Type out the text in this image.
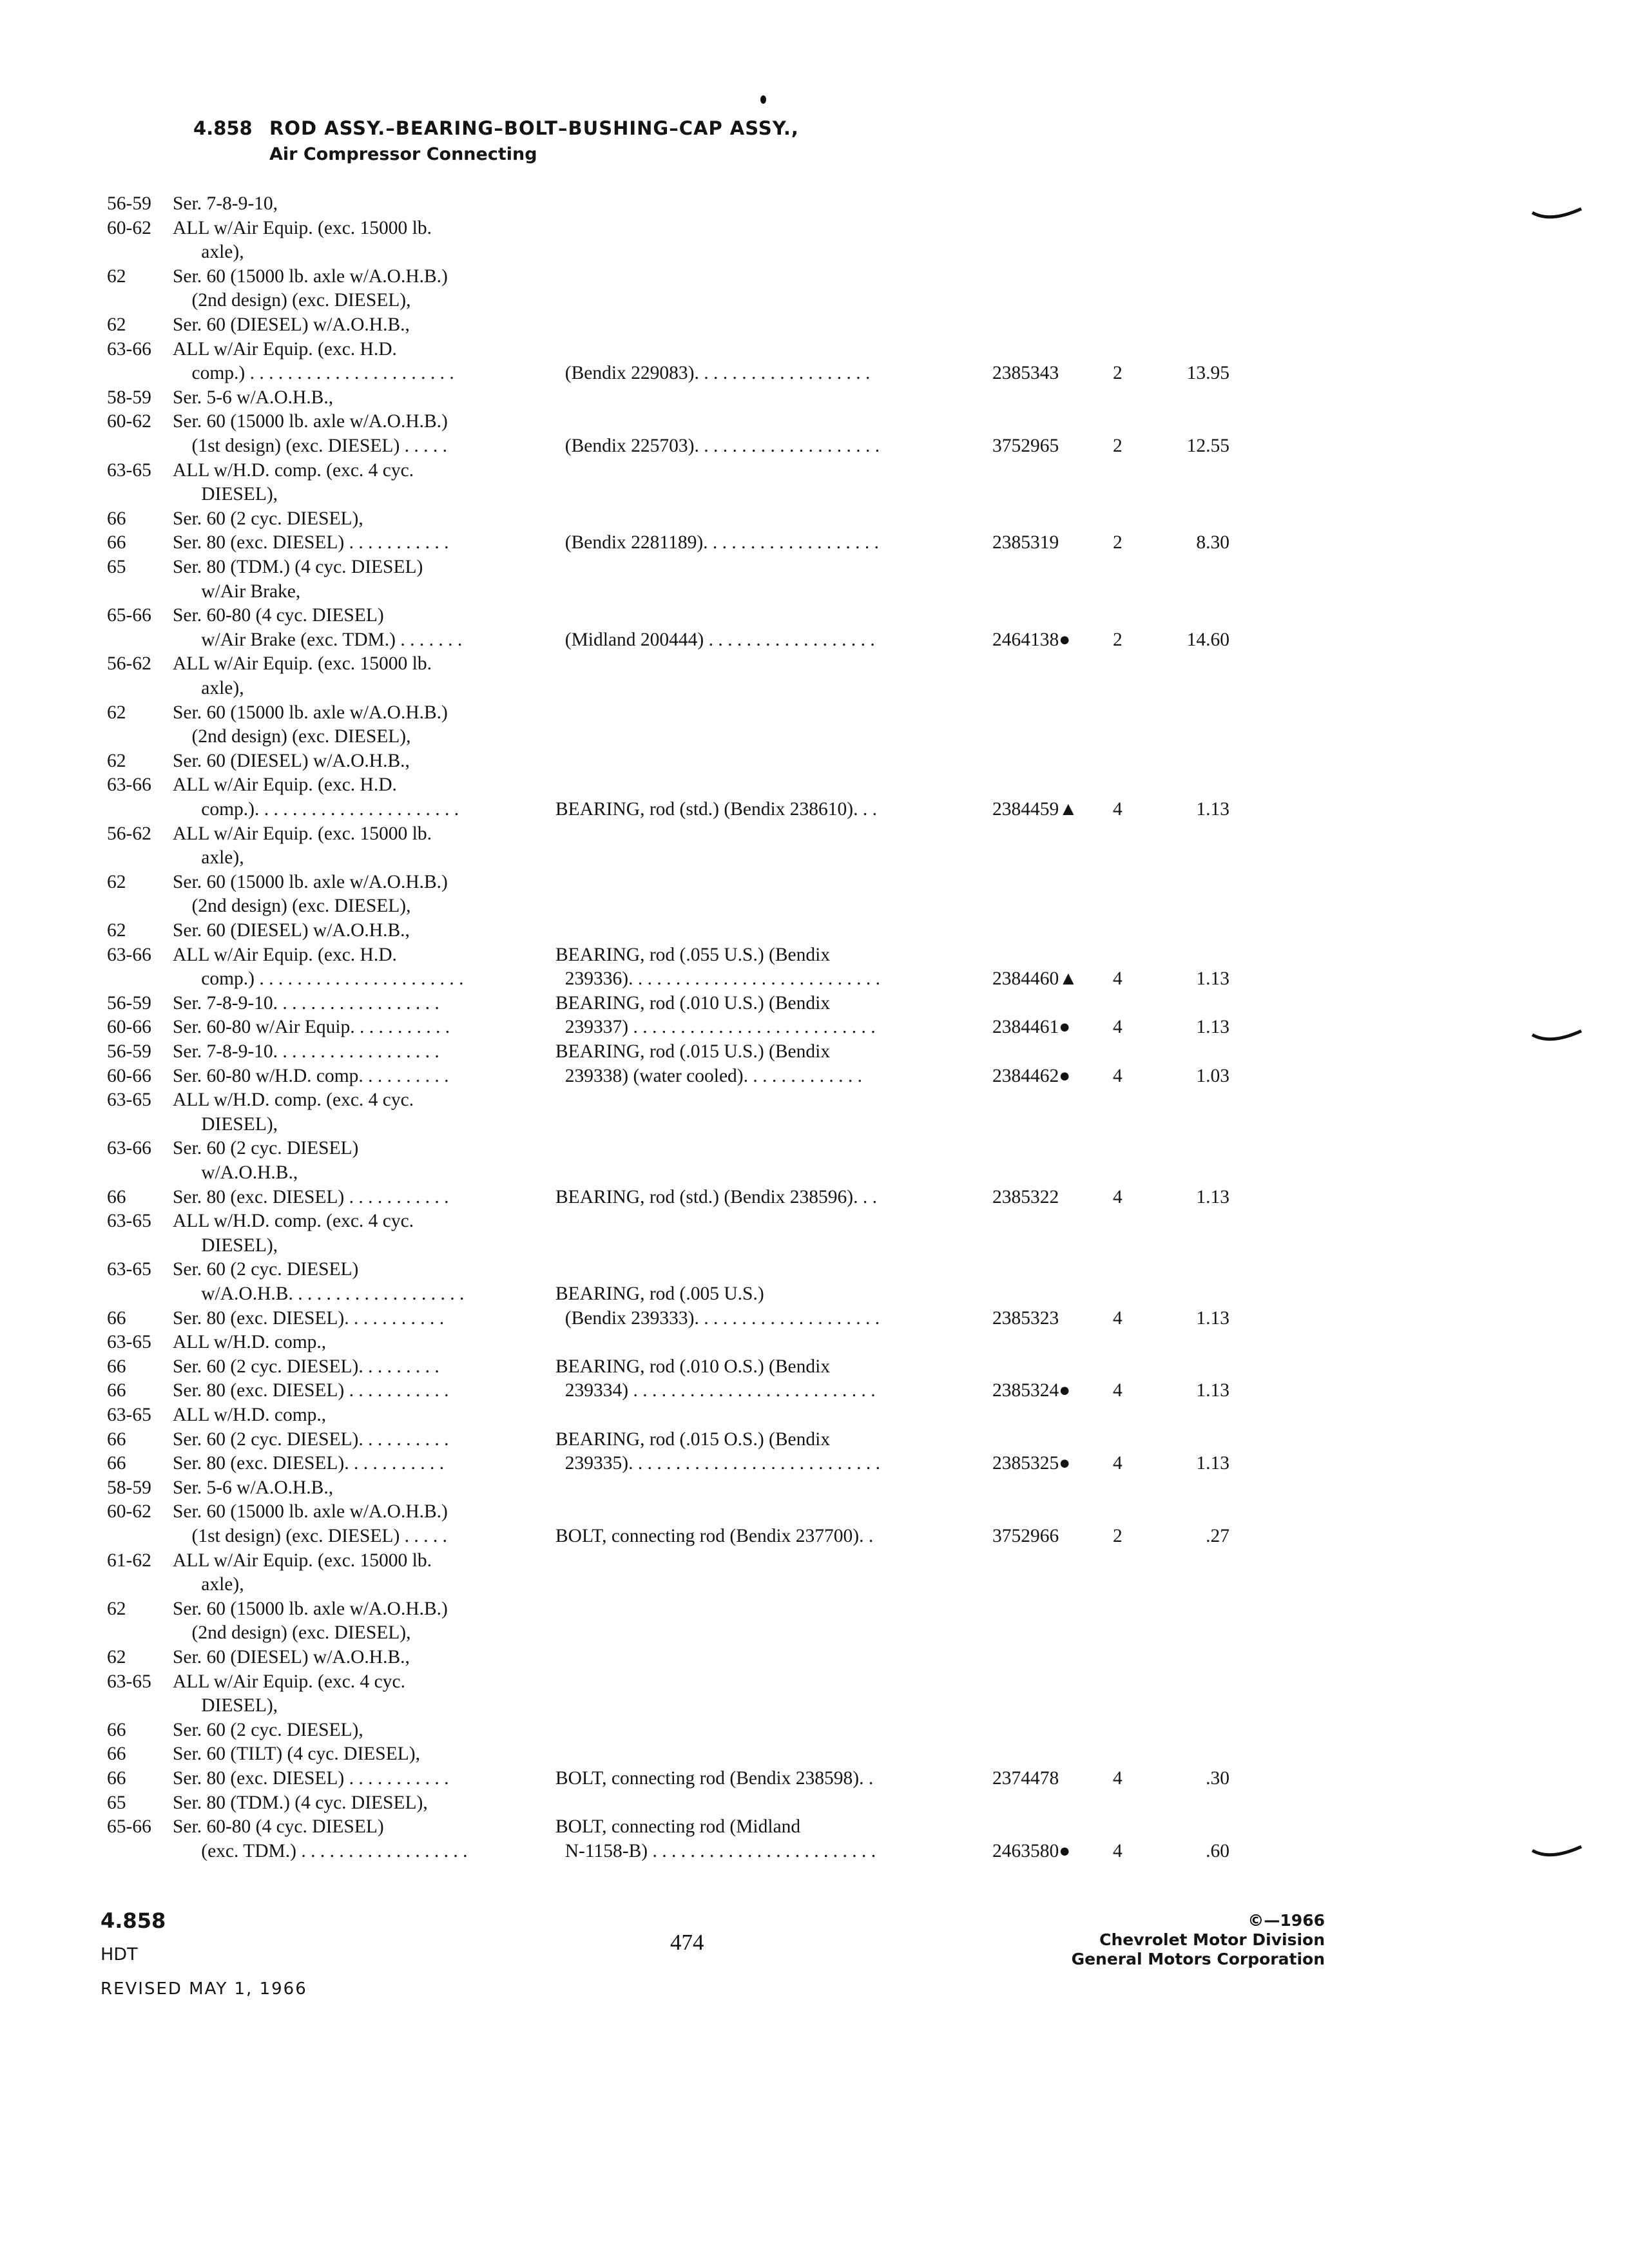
4.858 ROD ASSY.–BEARING–BOLT–BUSHING–CAP ASSY.,
Air Compressor Connecting
56-59 Ser. 7-8-9-10,
60-62 ALL w/Air Equip. (exc. 15000 lb.
axle),
62 Ser. 60 (15000 lb. axle w/A.O.H.B.)
(2nd design) (exc. DIESEL),
62 Ser. 60 (DIESEL) w/A.O.H.B.,
63-66 ALL w/Air Equip. (exc. H.D.
comp.) . . . . . . . . . . . . . . . . . . . . . .	(Bendix 229083). . . . . . . . . . . . . . . . . . .	2385343	2	13.95
58-59 Ser. 5-6 w/A.O.H.B.,
60-62 Ser. 60 (15000 lb. axle w/A.O.H.B.)
(1st design) (exc. DIESEL) . . . . .	(Bendix 225703). . . . . . . . . . . . . . . . . . . .	3752965	2	12.55
63-65 ALL w/H.D. comp. (exc. 4 cyc.
DIESEL),
66 Ser. 60 (2 cyc. DIESEL),
66 Ser. 80 (exc. DIESEL) . . . . . . . . . . .	(Bendix 2281189). . . . . . . . . . . . . . . . . . .	2385319	2	8.30
65 Ser. 80 (TDM.) (4 cyc. DIESEL)
w/Air Brake,
65-66 Ser. 60-80 (4 cyc. DIESEL)
w/Air Brake (exc. TDM.) . . . . . . .	(Midland 200444) . . . . . . . . . . . . . . . . . .	2464138● 2	14.60
56-62 ALL w/Air Equip. (exc. 15000 lb.
axle),
62 Ser. 60 (15000 lb. axle w/A.O.H.B.)
(2nd design) (exc. DIESEL),
62 Ser. 60 (DIESEL) w/A.O.H.B.,
63-66 ALL w/Air Equip. (exc. H.D.
comp.). . . . . . . . . . . . . . . . . . . . . .	BEARING, rod (std.) (Bendix 238610). . .	2384459▲ 4	1.13
56-62 ALL w/Air Equip. (exc. 15000 lb.
axle),
62 Ser. 60 (15000 lb. axle w/A.O.H.B.)
(2nd design) (exc. DIESEL),
62 Ser. 60 (DIESEL) w/A.O.H.B.,
63-66 ALL w/Air Equip. (exc. H.D.	BEARING, rod (.055 U.S.) (Bendix
comp.) . . . . . . . . . . . . . . . . . . . . . .	239336). . . . . . . . . . . . . . . . . . . . . . . . . . .	2384460▲ 4	1.13
56-59 Ser. 7-8-9-10. . . . . . . . . . . . . . . . . .	BEARING, rod (.010 U.S.) (Bendix
60-66 Ser. 60-80 w/Air Equip. . . . . . . . . . .	239337) . . . . . . . . . . . . . . . . . . . . . . . . . .	2384461● 4	1.13
56-59 Ser. 7-8-9-10. . . . . . . . . . . . . . . . . .	BEARING, rod (.015 U.S.) (Bendix
60-66 Ser. 60-80 w/H.D. comp. . . . . . . . . .	239338) (water cooled). . . . . . . . . . . . .	2384462● 4	1.03
63-65 ALL w/H.D. comp. (exc. 4 cyc.
DIESEL),
63-66 Ser. 60 (2 cyc. DIESEL)
w/A.O.H.B.,
66 Ser. 80 (exc. DIESEL) . . . . . . . . . . .	BEARING, rod (std.) (Bendix 238596). . .	2385322	4	1.13
63-65 ALL w/H.D. comp. (exc. 4 cyc.
DIESEL),
63-65 Ser. 60 (2 cyc. DIESEL)
w/A.O.H.B. . . . . . . . . . . . . . . . . . .	BEARING, rod (.005 U.S.)
66 Ser. 80 (exc. DIESEL). . . . . . . . . . .	(Bendix 239333). . . . . . . . . . . . . . . . . . . .	2385323	4	1.13
63-65 ALL w/H.D. comp.,
66 Ser. 60 (2 cyc. DIESEL). . . . . . . . .	BEARING, rod (.010 O.S.) (Bendix
66 Ser. 80 (exc. DIESEL) . . . . . . . . . . .	239334) . . . . . . . . . . . . . . . . . . . . . . . . . .	2385324● 4	1.13
63-65 ALL w/H.D. comp.,
66 Ser. 60 (2 cyc. DIESEL). . . . . . . . . .	BEARING, rod (.015 O.S.) (Bendix
66 Ser. 80 (exc. DIESEL). . . . . . . . . . .	239335). . . . . . . . . . . . . . . . . . . . . . . . . . .	2385325● 4	1.13
58-59 Ser. 5-6 w/A.O.H.B.,
60-62 Ser. 60 (15000 lb. axle w/A.O.H.B.)
(1st design) (exc. DIESEL) . . . . .	BOLT, connecting rod (Bendix 237700). .	3752966	2	.27
61-62 ALL w/Air Equip. (exc. 15000 lb.
axle),
62 Ser. 60 (15000 lb. axle w/A.O.H.B.)
(2nd design) (exc. DIESEL),
62 Ser. 60 (DIESEL) w/A.O.H.B.,
63-65 ALL w/Air Equip. (exc. 4 cyc.
DIESEL),
66 Ser. 60 (2 cyc. DIESEL),
66 Ser. 60 (TILT) (4 cyc. DIESEL),
66 Ser. 80 (exc. DIESEL) . . . . . . . . . . .	BOLT, connecting rod (Bendix 238598). .	2374478	4	.30
65 Ser. 80 (TDM.) (4 cyc. DIESEL),
65-66 Ser. 60-80 (4 cyc. DIESEL)	BOLT, connecting rod (Midland
(exc. TDM.) . . . . . . . . . . . . . . . . . .	N-1158-B) . . . . . . . . . . . . . . . . . . . . . . . .	2463580● 4	.60
4.858
HDT
REVISED MAY 1, 1966
474
©—1966
Chevrolet Motor Division
General Motors Corporation
